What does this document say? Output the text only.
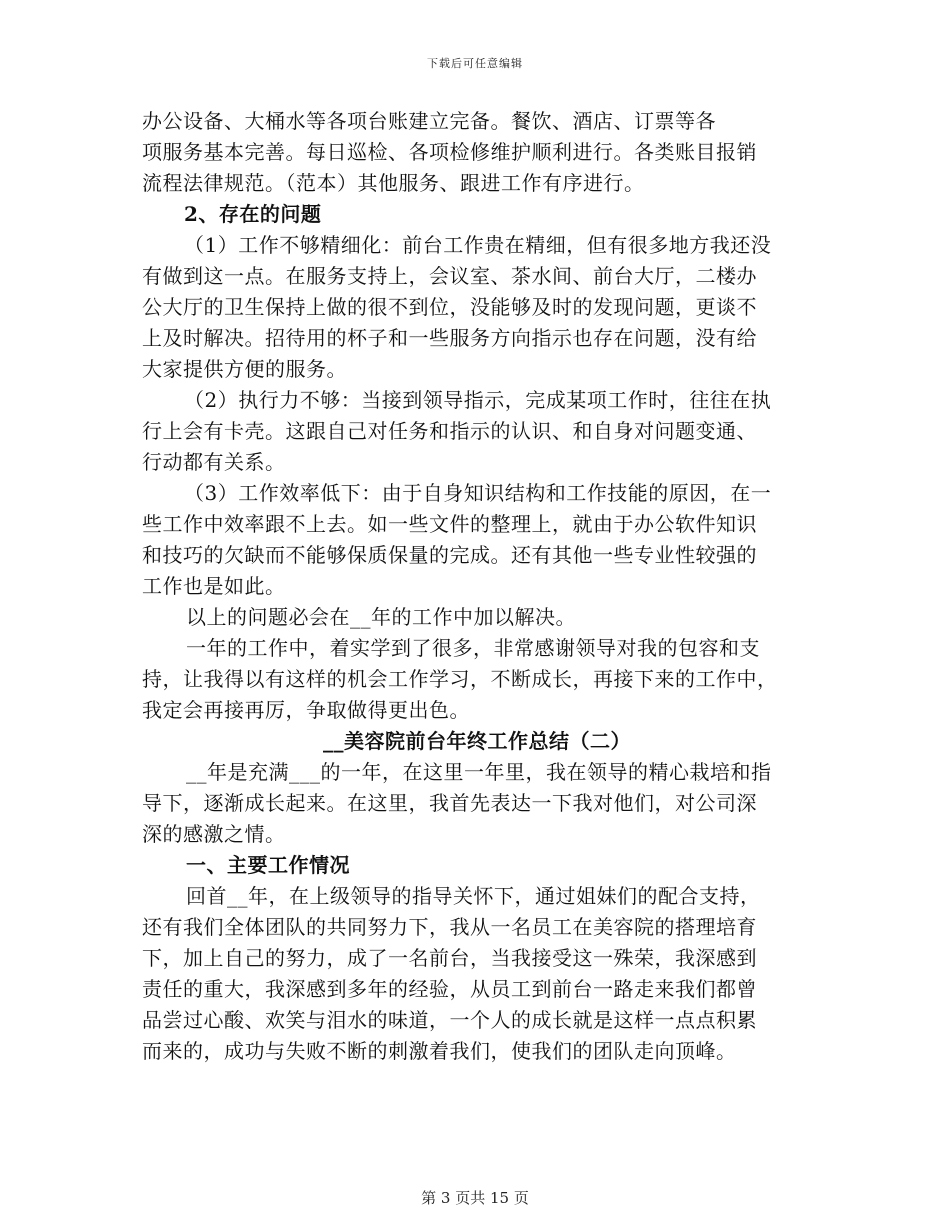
下载后可任意编辑
办公设备、大桶水等各项台账建立完备。餐饮、酒店、订票等各
项服务基本完善。每日巡检、各项检修维护顺利进行。各类账目报销
流程法律规范。（范本）其他服务、跟进工作有序进行。
2、存在的问题
（1）工作不够精细化：前台工作贵在精细，但有很多地方我还没
有做到这一点。在服务支持上，会议室、茶水间、前台大厅，二楼办
公大厅的卫生保持上做的很不到位，没能够及时的发现问题，更谈不
上及时解决。招待用的杯子和一些服务方向指示也存在问题，没有给
大家提供方便的服务。
（2）执行力不够：当接到领导指示，完成某项工作时，往往在执
行上会有卡壳。这跟自己对任务和指示的认识、和自身对问题变通、
行动都有关系。
（3）工作效率低下：由于自身知识结构和工作技能的原因，在一
些工作中效率跟不上去。如一些文件的整理上，就由于办公软件知识
和技巧的欠缺而不能够保质保量的完成。还有其他一些专业性较强的
工作也是如此。
以上的问题必会在__年的工作中加以解决。
一年的工作中，着实学到了很多，非常感谢领导对我的包容和支
持，让我得以有这样的机会工作学习，不断成长，再接下来的工作中，
我定会再接再厉，争取做得更出色。
__美容院前台年终工作总结（二）
__年是充满___的一年，在这里一年里，我在领导的精心栽培和指
导下，逐渐成长起来。在这里，我首先表达一下我对他们，对公司深
深的感激之情。
一、主要工作情况
回首__年，在上级领导的指导关怀下，通过姐妹们的配合支持，
还有我们全体团队的共同努力下，我从一名员工在美容院的搭理培育
下，加上自己的努力，成了一名前台，当我接受这一殊荣，我深感到
责任的重大，我深感到多年的经验，从员工到前台一路走来我们都曾
品尝过心酸、欢笑与泪水的味道，一个人的成长就是这样一点点积累
而来的，成功与失败不断的刺激着我们，使我们的团队走向顶峰。
第 3 页共 15 页
